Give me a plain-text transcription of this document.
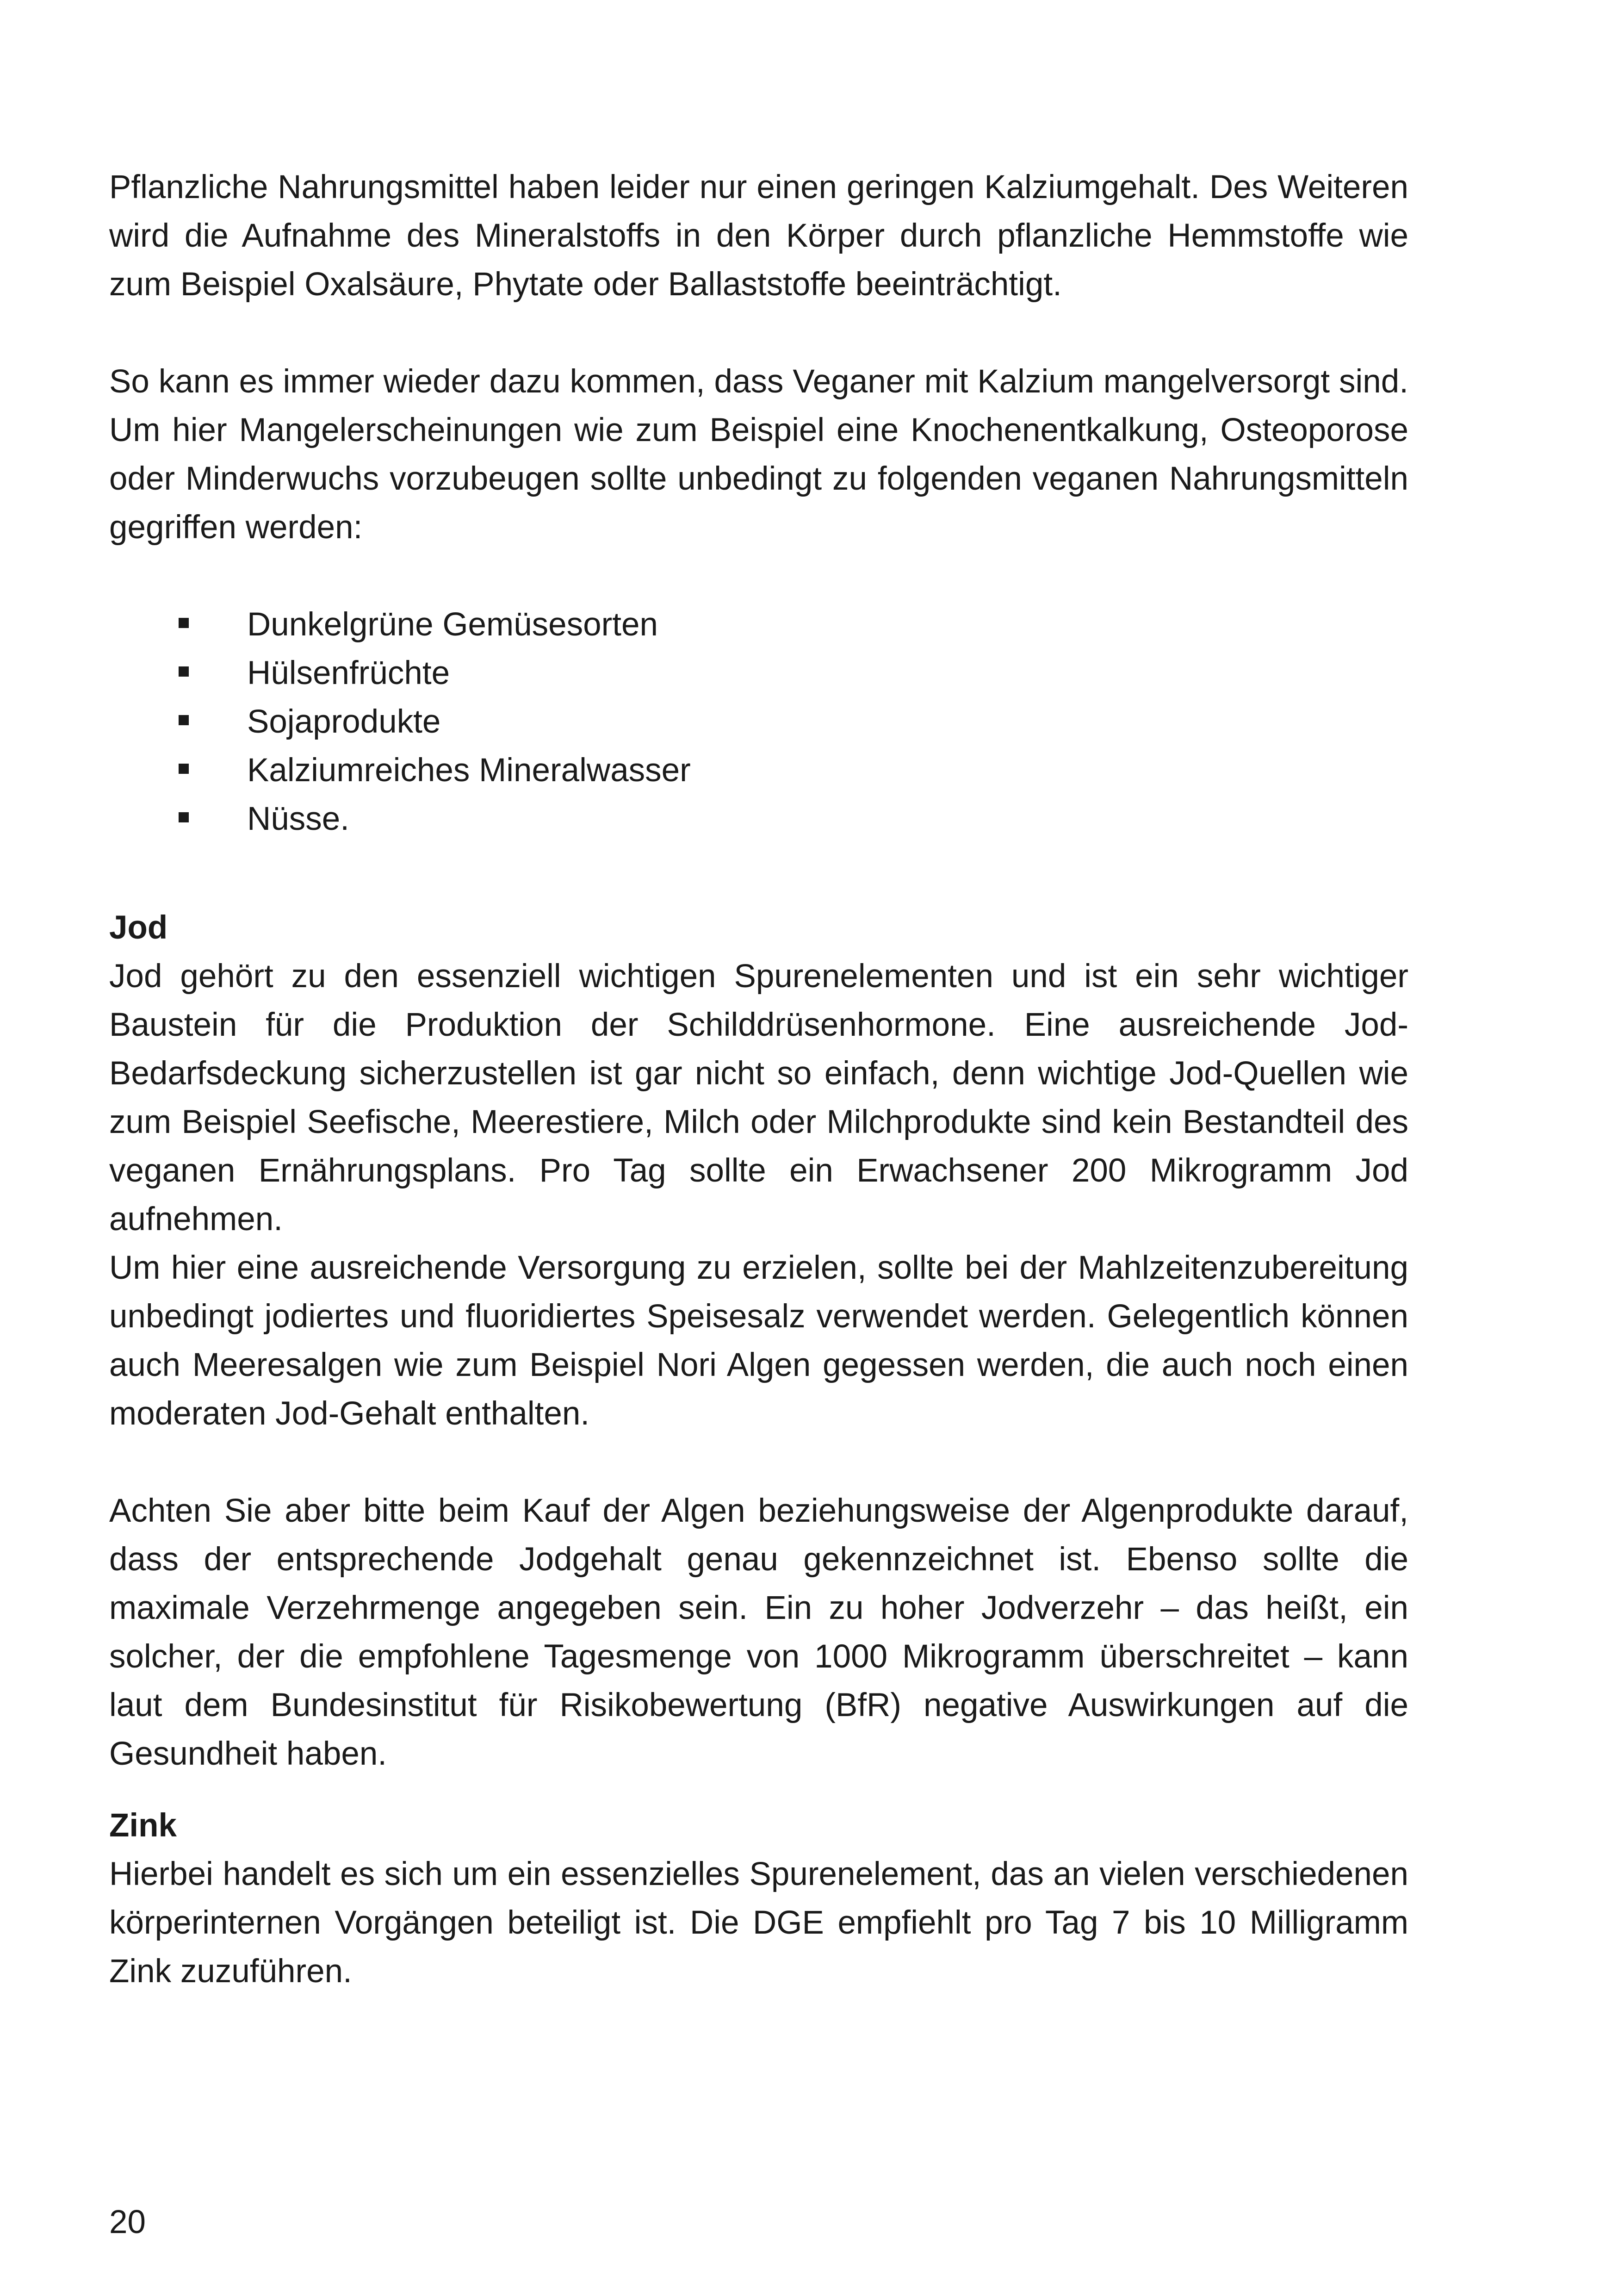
Pflanzliche Nahrungsmittel haben leider nur einen geringen Kalziumgehalt. Des Weiteren wird die Aufnahme des Mineralstoffs in den Körper durch pflanzliche Hemmstoffe wie zum Beispiel Oxalsäure, Phytate oder Ballaststoffe beeinträchtigt.

So kann es immer wieder dazu kommen, dass Veganer mit Kalzium mangelversorgt sind. Um hier Mangelerscheinungen wie zum Beispiel eine Knochenentkalkung, Osteoporose oder Minderwuchs vorzubeugen sollte unbedingt zu folgenden veganen Nahrungsmitteln gegriffen werden:

Dunkelgrüne Gemüsesorten
Hülsenfrüchte
Sojaprodukte
Kalziumreiches Mineralwasser
Nüsse.
Jod

Jod gehört zu den essenziell wichtigen Spurenelementen und ist ein sehr wichtiger Baustein für die Produktion der Schilddrüsenhormone. Eine ausreichende Jod-Bedarfsdeckung sicherzustellen ist gar nicht so einfach, denn wichtige Jod-Quellen wie zum Beispiel Seefische, Meerestiere, Milch oder Milchprodukte sind kein Bestandteil des veganen Ernährungsplans. Pro Tag sollte ein Erwachsener 200 Mikrogramm Jod aufnehmen.

Um hier eine ausreichende Versorgung zu erzielen, sollte bei der Mahlzeitenzubereitung unbedingt jodiertes und fluoridiertes Speisesalz verwendet werden. Gelegentlich können auch Meeresalgen wie zum Beispiel Nori Algen gegessen werden, die auch noch einen moderaten Jod-Gehalt enthalten.

Achten Sie aber bitte beim Kauf der Algen beziehungsweise der Algenprodukte darauf, dass der entsprechende Jodgehalt genau gekennzeichnet ist. Ebenso sollte die maximale Verzehrmenge angegeben sein. Ein zu hoher Jodverzehr – das heißt, ein solcher, der die empfohlene Tagesmenge von 1000 Mikrogramm überschreitet – kann laut dem Bundesinstitut für Risikobewertung (BfR) negative Auswirkungen auf die Gesundheit haben.

Zink

Hierbei handelt es sich um ein essenzielles Spurenelement, das an vielen verschiedenen körperinternen Vorgängen beteiligt ist. Die DGE empfiehlt pro Tag 7 bis 10 Milligramm Zink zuzuführen.

20
